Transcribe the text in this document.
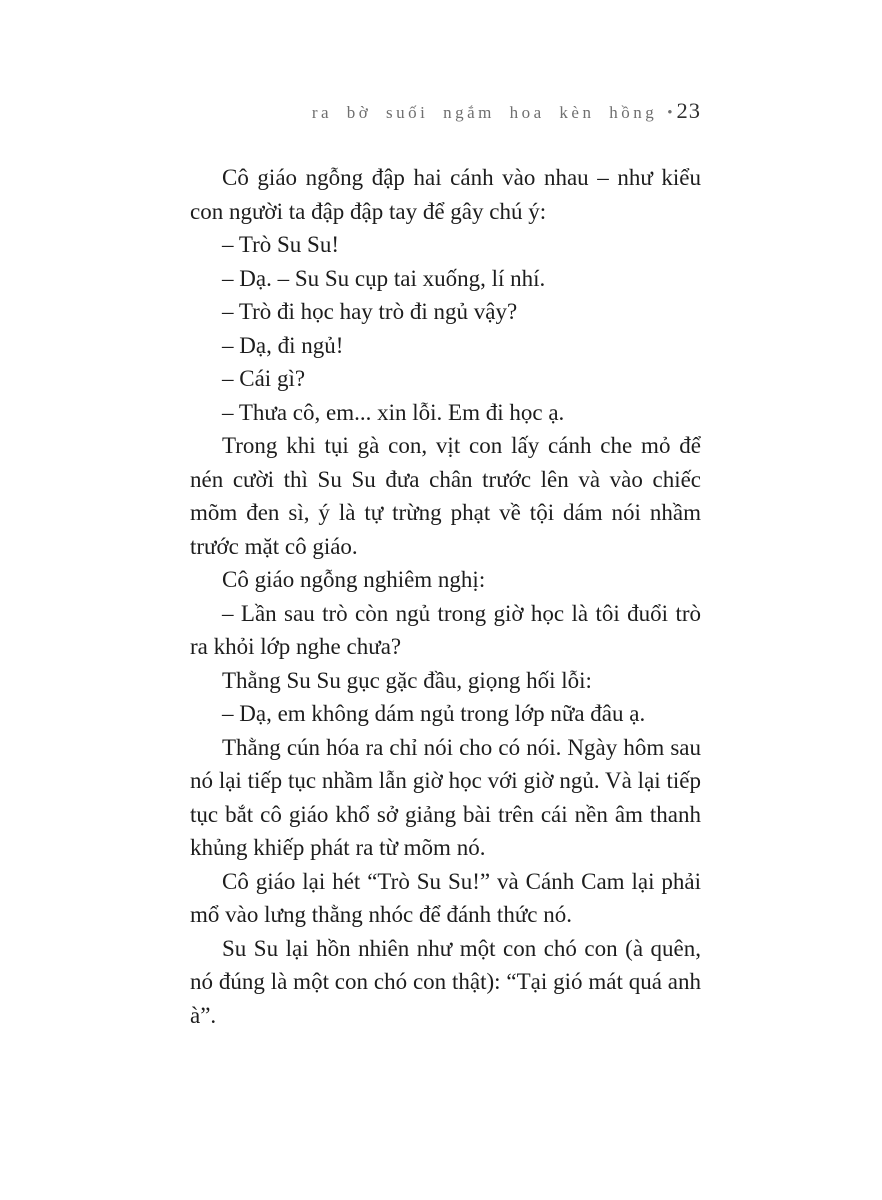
ra bờ suối ngắm hoa kèn hồng • 23

Cô giáo ngỗng đập hai cánh vào nhau – như kiểu con người ta đập đập tay để gây chú ý:

– Trò Su Su!

– Dạ. – Su Su cụp tai xuống, lí nhí.

– Trò đi học hay trò đi ngủ vậy?

– Dạ, đi ngủ!

– Cái gì?

– Thưa cô, em... xin lỗi. Em đi học ạ.

Trong khi tụi gà con, vịt con lấy cánh che mỏ để nén cười thì Su Su đưa chân trước lên và vào chiếc mõm đen sì, ý là tự trừng phạt về tội dám nói nhầm trước mặt cô giáo.

Cô giáo ngỗng nghiêm nghị:

– Lần sau trò còn ngủ trong giờ học là tôi đuổi trò ra khỏi lớp nghe chưa?

Thằng Su Su gục gặc đầu, giọng hối lỗi:

– Dạ, em không dám ngủ trong lớp nữa đâu ạ.

Thằng cún hóa ra chỉ nói cho có nói. Ngày hôm sau nó lại tiếp tục nhầm lẫn giờ học với giờ ngủ. Và lại tiếp tục bắt cô giáo khổ sở giảng bài trên cái nền âm thanh khủng khiếp phát ra từ mõm nó.

Cô giáo lại hét “Trò Su Su!” và Cánh Cam lại phải mổ vào lưng thằng nhóc để đánh thức nó.

Su Su lại hồn nhiên như một con chó con (à quên, nó đúng là một con chó con thật): “Tại gió mát quá anh à”.
